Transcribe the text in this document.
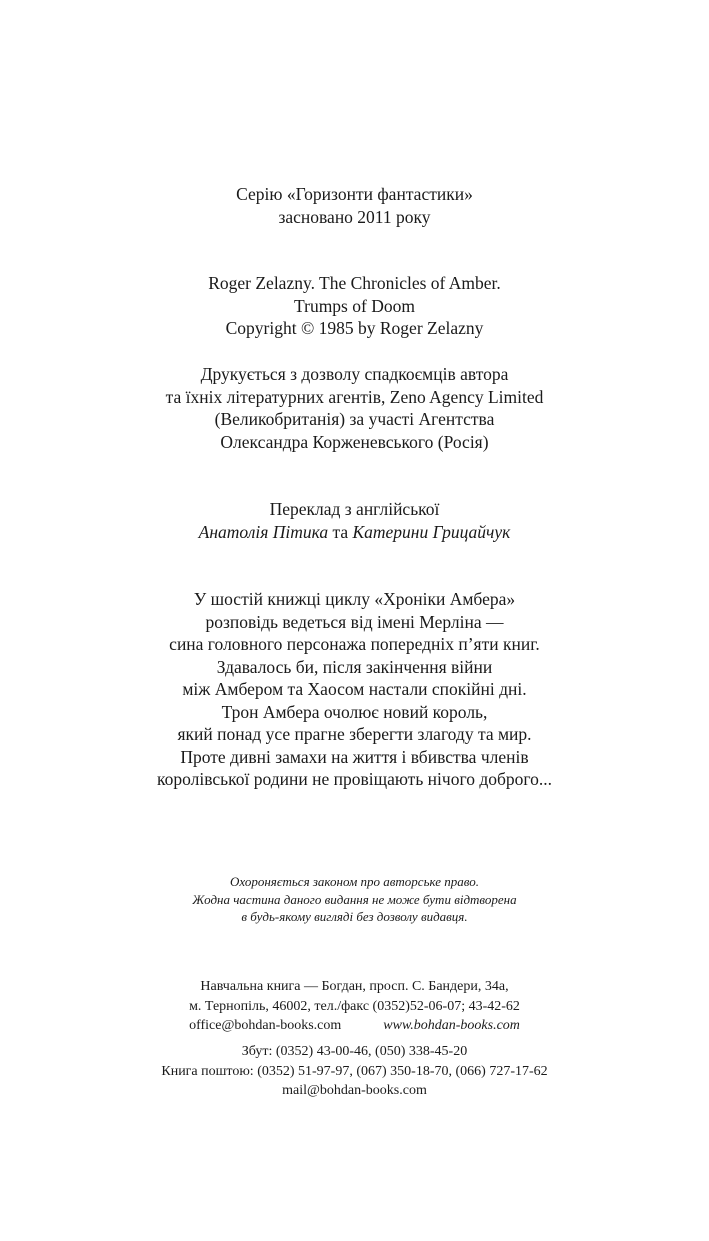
Серію «Горизонти фантастики»
засновано 2011 року
Roger Zelazny. The Chronicles of Amber.
Trumps of Doom
Copyright © 1985 by Roger Zelazny
Друкується з дозволу спадкоємців автора
та їхніх літературних агентів, Zeno Agency Limited
(Великобританія) за участі Агентства
Олександра Корженевського (Росія)
Переклад з англійської
Анатолія Пітика та Катерини Грицайчук
У шостій книжці циклу «Хроніки Амбера»
розповідь ведеться від імені Мерліна —
сина головного персонажа попередніх п’яти книг.
Здавалось би, після закінчення війни
між Амбером та Хаосом настали спокійні дні.
Трон Амбера очолює новий король,
який понад усе прагне зберегти злагоду та мир.
Проте дивні замахи на життя і вбивства членів
королівської родини не провіщають нічого доброго...
Охороняється законом про авторське право.
Жодна частина даного видання не може бути відтворена
в будь-якому вигляді без дозволу видавця.
Навчальна книга — Богдан, просп. С. Бандери, 34а,
м. Тернопіль, 46002, тел./факс (0352)52-06-07; 43-42-62
office@bohdan-books.com	www.bohdan-books.com
Збут: (0352) 43-00-46, (050) 338-45-20
Книга поштою: (0352) 51-97-97, (067) 350-18-70, (066) 727-17-62
mail@bohdan-books.com
